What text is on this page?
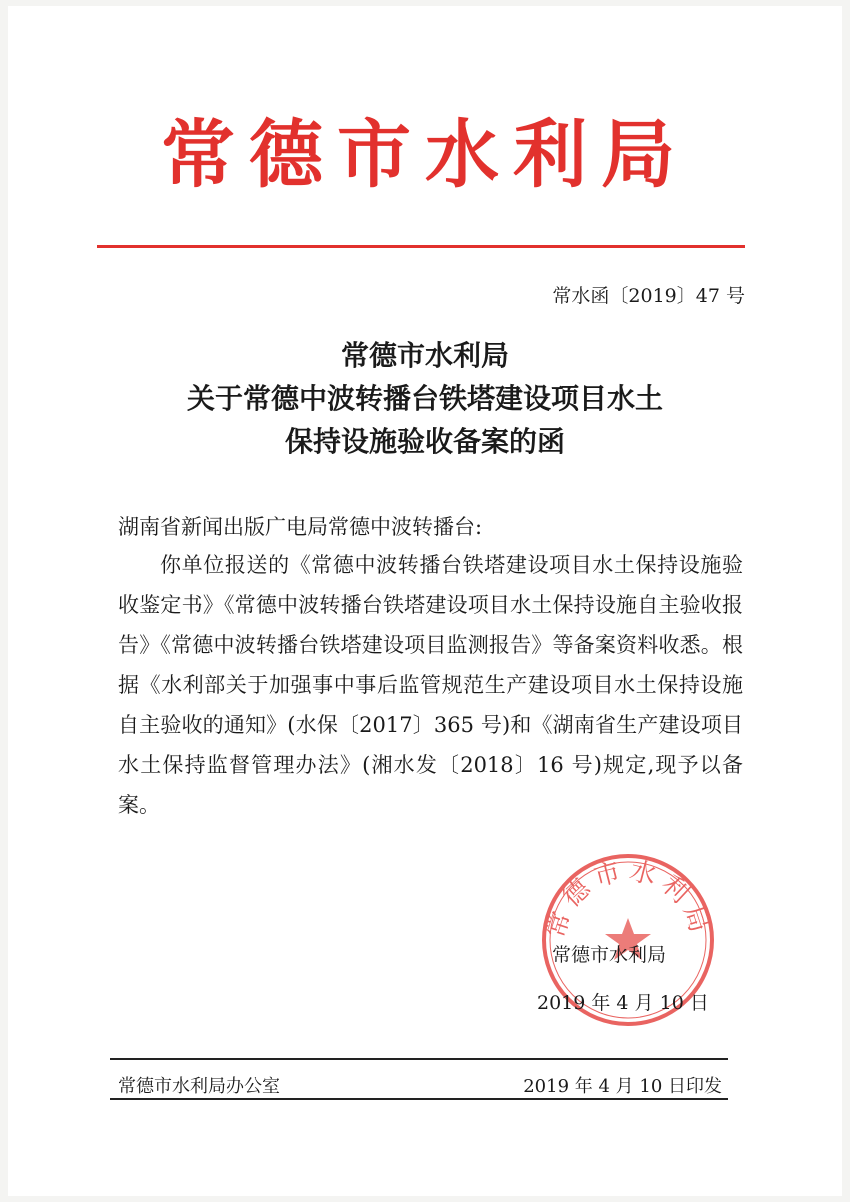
常德市水利局
常水函〔2019〕47 号
常德市水利局
关于常德中波转播台铁塔建设项目水土
保持设施验收备案的函
湖南省新闻出版广电局常德中波转播台:
你单位报送的《常德中波转播台铁塔建设项目水土保持设施验收鉴定书》《常德中波转播台铁塔建设项目水土保持设施自主验收报告》《常德中波转播台铁塔建设项目监测报告》等备案资料收悉。根据《水利部关于加强事中事后监管规范生产建设项目水土保持设施自主验收的通知》(水保〔2017〕365 号)和《湖南省生产建设项目水土保持监督管理办法》(湘水发〔2018〕16 号)规定,现予以备案。
常德市水利局
常德市水利局
2019 年 4 月 10 日
常德市水利局办公室	2019 年 4 月 10 日印发
